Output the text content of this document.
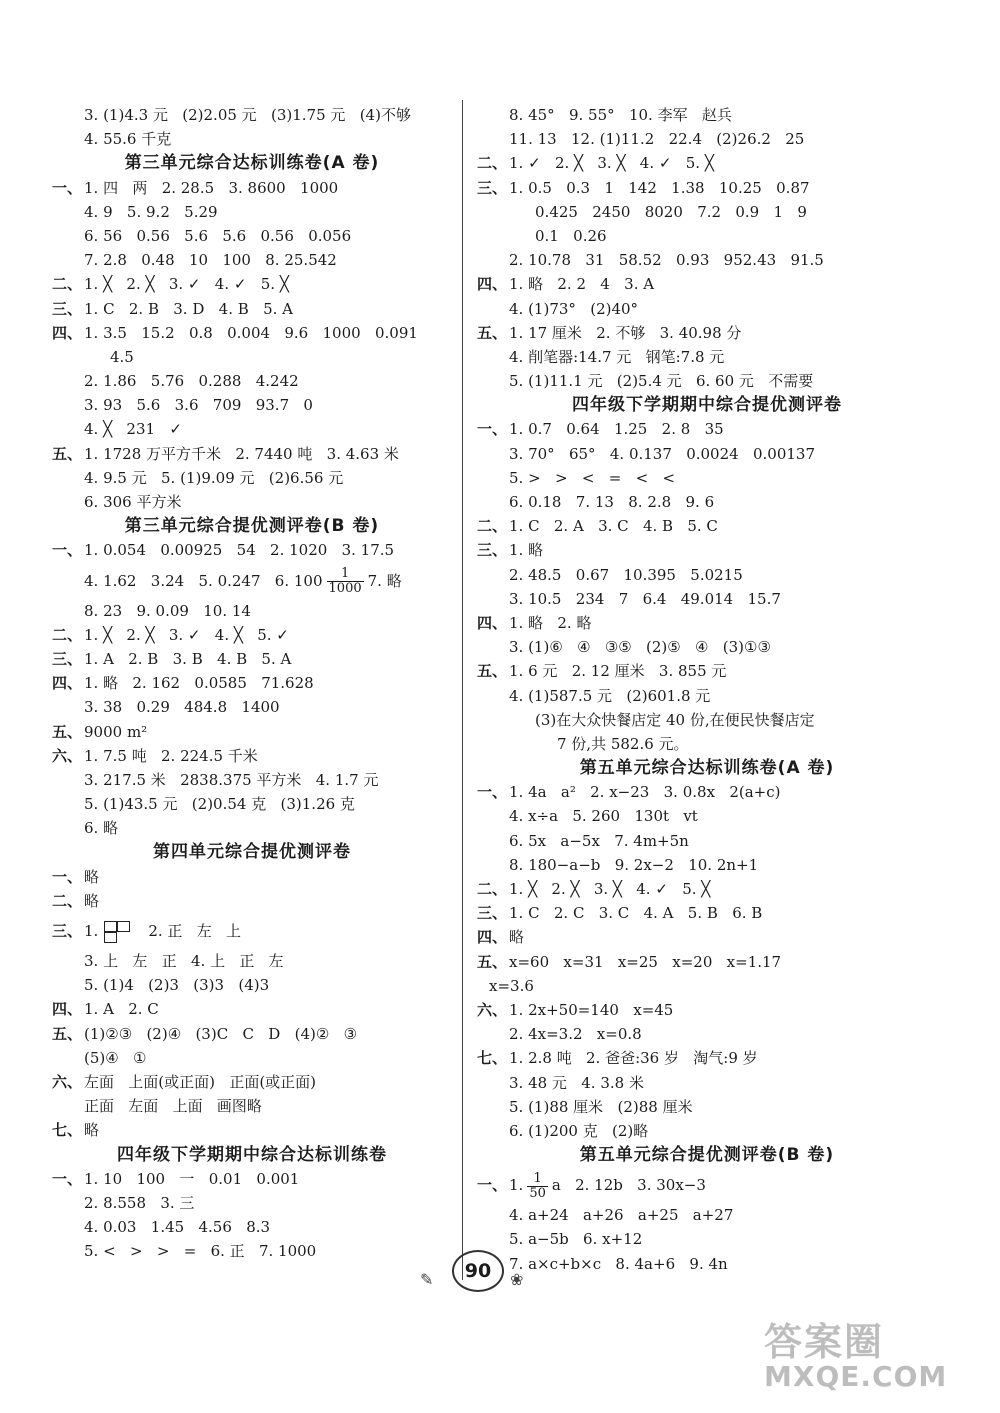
3. (1)4.3 元   (2)2.05 元   (3)1.75 元   (4)不够
4. 55.6 千克
第三单元综合达标训练卷(A 卷)
一、 1. 四   两   2. 28.5   3. 8600   1000
4. 9   5. 9.2   5.29
6. 56   0.56   5.6   5.6   0.56   0.056
7. 2.8   0.48   10   100   8. 25.542
二、 1. ╳   2. ╳   3. ✓   4. ✓   5. ╳
三、 1. C   2. B   3. D   4. B   5. A
四、 1. 3.5   15.2   0.8   0.004   9.6   1000   0.091
4.5
2. 1.86   5.76   0.288   4.242
3. 93   5.6   3.6   709   93.7   0
4. ╳   231   ✓
五、 1. 1728 万平方千米   2. 7440 吨   3. 4.63 米
4. 9.5 元   5. (1)9.09 元   (2)6.56 元
6. 306 平方米
第三单元综合提优测评卷(B 卷)
一、 1. 0.054   0.00925   54   2. 1020   3. 17.5
4. 1.62   3.24   5. 0.247   6. $100 \frac{1}{1000} 7$. 略
8. 23   9. 0.09   10. 14
二、 1. ╳   2. ╳   3. ✓   4. ╳   5. ✓
三、 1. A   2. B   3. B   4. B   5. A
四、 1. 略   2. 162   0.0585   71.628
3. 38   0.29   484.8   1400
五、 9000 m²
六、 1. 7.5 吨   2. 224.5 千米
3. 217.5 米   2838.375 平方米   4. 1.7 元
5. (1)43.5 元   (2)0.54 克   (3)1.26 克
6. 略
第四单元综合提优测评卷
一、 略
二、 略
三、 1.	2. 正   左   上
3. 上   左   正   4. 上   正   左
5. (1)4   (2)3   (3)3   (4)3
四、 1. A   2. C
五、 (1)②③   (2)④   (3)C   C   D   (4)②   ③
(5)④   ①
六、 左面   上面(或正面)   正面(或正面)
正面   左面   上面   画图略
七、 略
四年级下学期期中综合达标训练卷
一、 1. 10   100   一   0.01   0.001
2. 8.558   3. 三
4. 0.03   1.45   4.56   8.3
5. <   >   >   =   6. 正   7. 1000
8. 45°   9. 55°   10. 李军   赵兵
11. 13   12. (1)11.2   22.4   (2)26.2   25
二、 1. ✓   2. ╳   3. ╳   4. ✓   5. ╳
三、 1. 0.5   0.3   1   142   1.38   10.25   0.87
0.425   2450   8020   7.2   0.9   1   9
0.1   0.26
2. 10.78   31   58.52   0.93   952.43   91.5
四、 1. 略   2. 2   4   3. A
4. (1)73°   (2)40°
五、 1. 17 厘米   2. 不够   3. 40.98 分
4. 削笔器:14.7 元   钢笔:7.8 元
5. (1)11.1 元   (2)5.4 元   6. 60 元   不需要
四年级下学期期中综合提优测评卷
一、 1. 0.7   0.64   1.25   2. 8   35
3. 70°   65°   4. 0.137   0.0024   0.00137
5. >   >   <   =   <   <
6. 0.18   7. 13   8. 2.8   9. 6
二、 1. C   2. A   3. C   4. B   5. C
三、 1. 略
2. 48.5   0.67   10.395   5.0215
3. 10.5   234   7   6.4   49.014   15.7
四、 1. 略   2. 略
3. (1)⑥   ④   ③⑤   (2)⑤   ④   (3)①③
五、 1. 6 元   2. 12 厘米   3. 855 元
4. (1)587.5 元   (2)601.8 元
(3)在大众快餐店定 40 份,在便民快餐店定
7 份,共 582.6 元。
第五单元综合达标训练卷(A 卷)
一、 1. 4a   a²   2. x−23   3. 0.8x   2(a+c)
4. x÷a   5. 260   130t   vt
6. 5x   a−5x   7. 4m+5n
8. 180−a−b   9. 2x−2   10. 2n+1
二、 1. ╳   2. ╳   3. ╳   4. ✓   5. ╳
三、 1. C   2. C   3. C   4. A   5. B   6. B
四、 略
五、 x=60   x=31   x=25   x=20   x=1.17
x=3.6
六、 1. 2x+50=140   x=45
2. 4x=3.2   x=0.8
七、 1. 2.8 吨   2. 爸爸:36 岁   淘气:9 岁
3. 48 元   4. 3.8 米
5. (1)88 厘米   (2)88 厘米
6. (1)200 克   (2)略
第五单元综合提优测评卷(B 卷)
一、 1. $\frac{1}{50}$ a   2. 12b   3. 30x−3
4. a+24   a+26   a+25   a+27
5. a−5b   6. x+12
7. a×c+b×c   8. 4a+6   9. 4n
✎ 90 ❀
答案圈
MXQE.COM
